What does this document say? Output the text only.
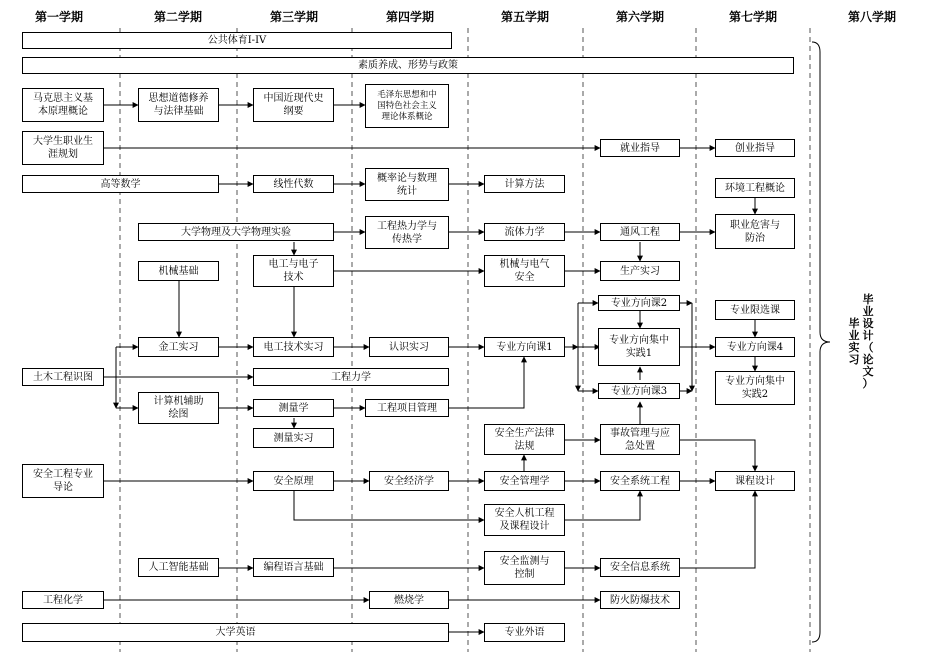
第一学期	第二学期	第三学期	第四学期	第五学期	第六学期	第七学期	第八学期
公共体育I-IV
素质养成、形势与政策
马克思主义基
本原理概论
思想道德修养
与法律基础
中国近现代史
纲要
毛泽东思想和中
国特色社会主义
理论体系概论
大学生职业生
涯规划
就业指导	创业指导
高等数学	线性代数
概率论与数理
统计
计算方法	环境工程概论
大学物理及大学物理实验
工程热力学与
传热学
流体力学	通风工程
职业危害与
防治
机械基础
电工与电子
技术
机械与电气
安全
生产实习
金工实习	电工技术实习	认识实习	专业方向课1
专业方向课2
专业方向集中
实践1
专业方向课3
专业限选课
专业方向课4
专业方向集中
实践2
土木工程识图	工程力学
计算机辅助
绘图
测量学	工程项目管理
测量实习	安全生产法律
法规
事故管理与应
急处置
安全工程专业
导论
安全原理	安全经济学	安全管理学	安全系统工程	课程设计
安全人机工程
及课程设计
人工智能基础	编程语言基础
安全监测与
控制
安全信息系统
工程化学	燃烧学	防火防爆技术
大学英语	专业外语
毕
业
实
习
毕
业
设
计
（
论
文
）
